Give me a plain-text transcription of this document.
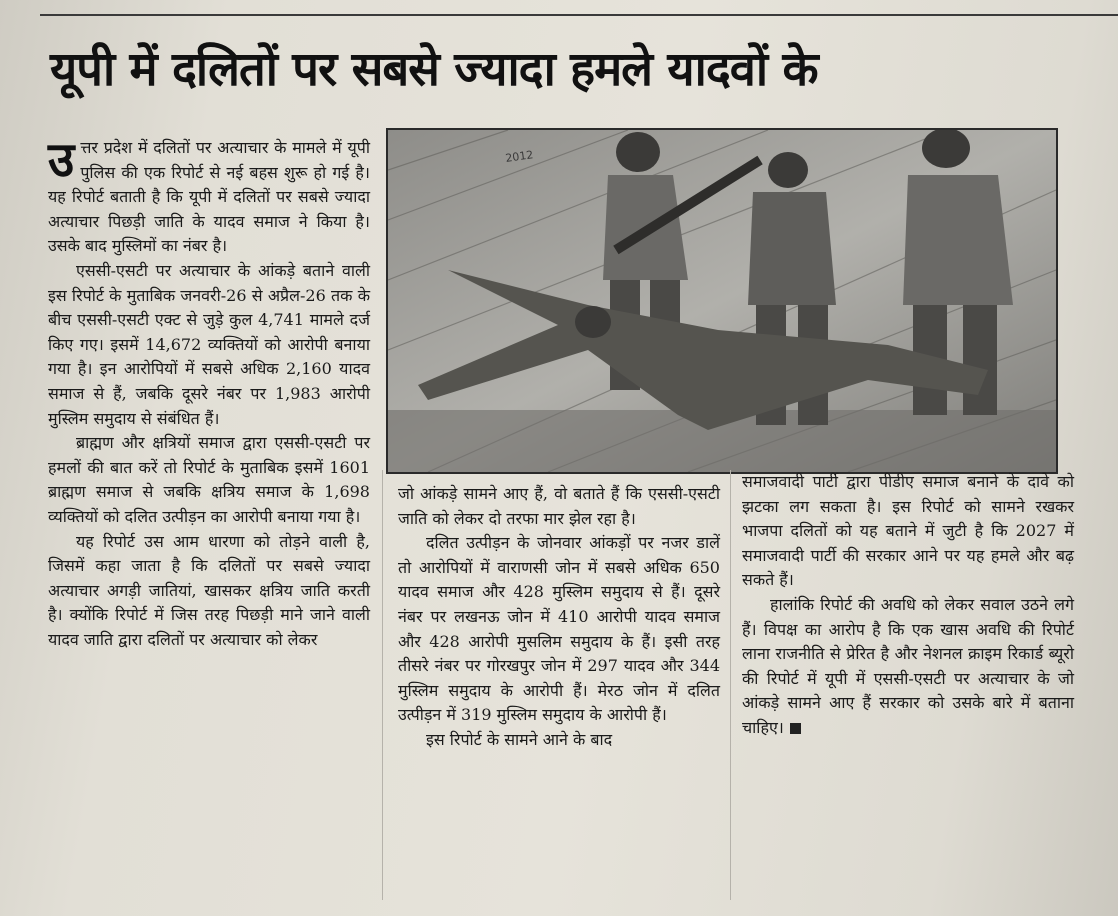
यूपी में दलितों पर सबसे ज्यादा हमले यादवों के

उत्तर प्रदेश में दलितों पर अत्याचार के मामले में यूपी पुलिस की एक रिपोर्ट से नई बहस शुरू हो गई है। यह रिपोर्ट बताती है कि यूपी में दलितों पर सबसे ज्यादा अत्याचार पिछड़ी जाति के यादव समाज ने किया है। उसके बाद मुस्लिमों का नंबर है।

एससी-एसटी पर अत्याचार के आंकड़े बताने वाली इस रिपोर्ट के मुताबिक जनवरी-26 से अप्रैल-26 तक के बीच एससी-एसटी एक्ट से जुड़े कुल 4,741 मामले दर्ज किए गए। इसमें 14,672 व्यक्तियों को आरोपी बनाया गया है। इन आरोपियों में सबसे अधिक 2,160 यादव समाज से हैं, जबकि दूसरे नंबर पर 1,983 आरोपी मुस्लिम समुदाय से संबंधित हैं।

ब्राह्मण और क्षत्रियों समाज द्वारा एससी-एसटी पर हमलों की बात करें तो रिपोर्ट के मुताबिक इसमें 1601 ब्राह्मण समाज से जबकि क्षत्रिय समाज के 1,698 व्यक्तियों को दलित उत्पीड़न का आरोपी बनाया गया है।

यह रिपोर्ट उस आम धारणा को तोड़ने वाली है, जिसमें कहा जाता है कि दलितों पर सबसे ज्यादा अत्याचार अगड़ी जातियां, खासकर क्षत्रिय जाति करती है। क्योंकि रिपोर्ट में जिस तरह पिछड़ी माने जाने वाली यादव जाति द्वारा दलितों पर अत्याचार को लेकर

2012

जो आंकड़े सामने आए हैं, वो बताते हैं कि एससी-एसटी जाति को लेकर दो तरफा मार झेल रहा है।

दलित उत्पीड़न के जोनवार आंकड़ों पर नजर डालें तो आरोपियों में वाराणसी जोन में सबसे अधिक 650 यादव समाज और 428 मुस्लिम समुदाय से हैं। दूसरे नंबर पर लखनऊ जोन में 410 आरोपी यादव समाज और 428 आरोपी मुसलिम समुदाय के हैं। इसी तरह तीसरे नंबर पर गोरखपुर जोन में 297 यादव और 344 मुस्लिम समुदाय के आरोपी हैं। मेरठ जोन में दलित उत्पीड़न में 319 मुस्लिम समुदाय के आरोपी हैं।

इस रिपोर्ट के सामने आने के बाद

समाजवादी पार्टी द्वारा पीडीए समाज बनाने के दावे को झटका लग सकता है। इस रिपोर्ट को सामने रखकर भाजपा दलितों को यह बताने में जुटी है कि 2027 में समाजवादी पार्टी की सरकार आने पर यह हमले और बढ़ सकते हैं।

हालांकि रिपोर्ट की अवधि को लेकर सवाल उठने लगे हैं। विपक्ष का आरोप है कि एक खास अवधि की रिपोर्ट लाना राजनीति से प्रेरित है और नेशनल क्राइम रिकार्ड ब्यूरो की रिपोर्ट में यूपी में एससी-एसटी पर अत्याचार के जो आंकड़े सामने आए हैं सरकार को उसके बारे में बताना चाहिए।
